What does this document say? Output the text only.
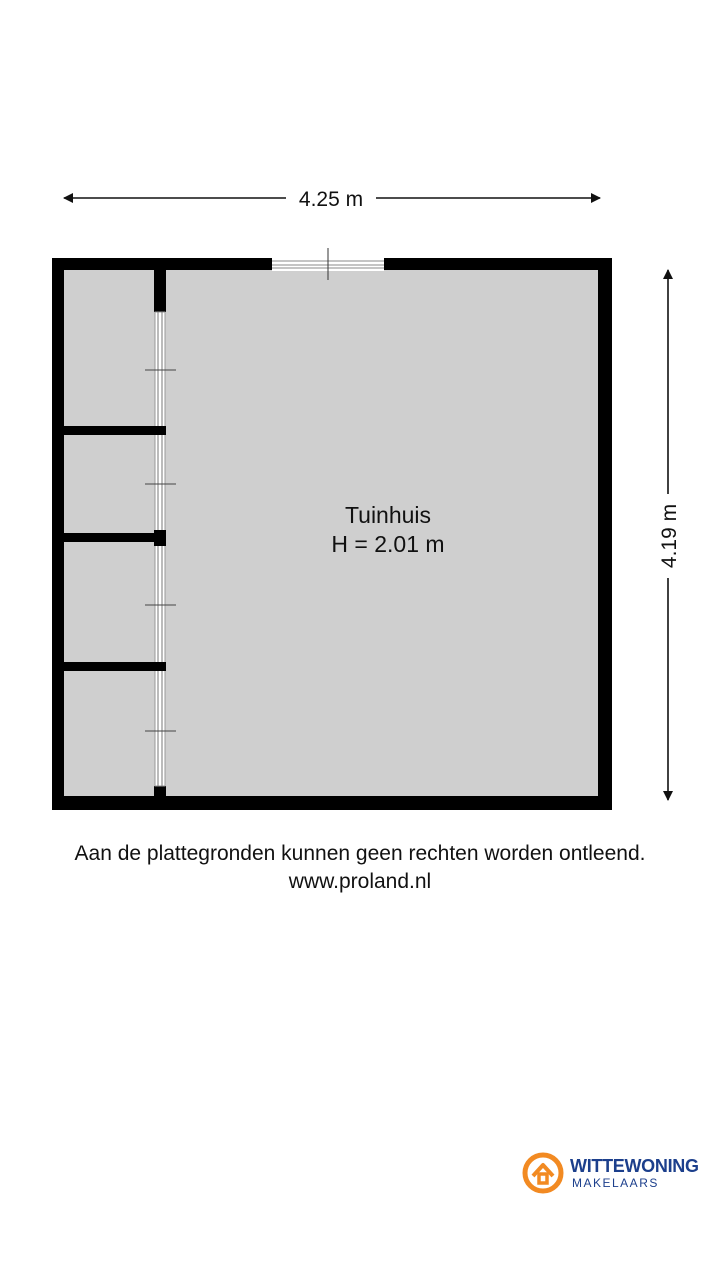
4.25 m
4.19 m
Tuinhuis
H = 2.01 m
Aan de plattegronden kunnen geen rechten worden ontleend.
www.proland.nl
WITTEWONING
MAKELAARS
